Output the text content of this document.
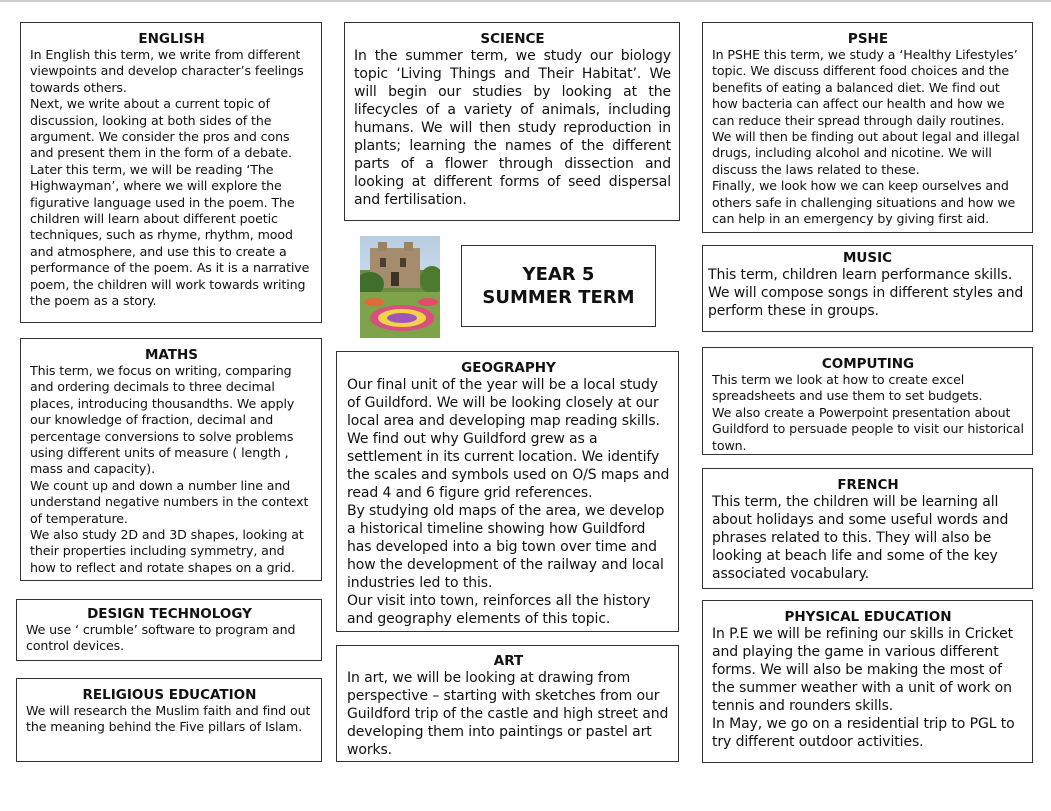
ENGLISH

In English this term, we write from different viewpoints and develop character’s feelings towards others.
Next, we write about a current topic of discussion, looking at both sides of the argument. We consider the pros and cons and present them in the form of a debate.
Later this term, we will be reading ‘The Highwayman’, where we will explore the figurative language used in the poem. The children will learn about different poetic techniques, such as rhyme, rhythm, mood and atmosphere, and use this to create a performance of the poem. As it is a narrative poem, the children will work towards writing the poem as a story.

SCIENCE

In the summer term, we study our biology topic ‘Living Things and Their Habitat’. We will begin our studies by looking at the lifecycles of a variety of animals, including humans. We will then study reproduction in plants; learning the names of the different parts of a flower through dissection and looking at different forms of seed dispersal and fertilisation.

PSHE

In PSHE this term, we study a ‘Healthy Lifestyles’ topic. We discuss different food choices and the benefits of eating a balanced diet. We find out how bacteria can affect our health and how we can reduce their spread through daily routines.
We will then be finding out about legal and illegal drugs, including alcohol and nicotine. We will discuss the laws related to these.
Finally, we look how we can keep ourselves and others safe in challenging situations and how we can help in an emergency by giving first aid.

YEAR 5
SUMMER TERM
MUSIC

This term, children learn performance skills. We will compose songs in different styles and perform these in groups.

MATHS

This term, we focus on writing, comparing and ordering decimals to three decimal places, introducing thousandths. We apply our knowledge of fraction, decimal and percentage conversions to solve problems using different units of measure ( length , mass and capacity).
We count up and down a number line and understand negative numbers in the context of temperature.
We also study 2D and 3D shapes, looking at their properties including symmetry, and how to reflect and rotate shapes on a grid.

GEOGRAPHY

Our final unit of the year will be a local study of Guildford. We will be looking closely at our local area and developing map reading skills. We find out why Guildford grew as a settlement in its current location. We identify the scales and symbols used on O/S maps and read 4 and 6 figure grid references.
By studying old maps of the area, we develop a historical timeline showing how Guildford has developed into a big town over time and how the development of the railway and local industries led to this.
Our visit into town, reinforces all the history and geography elements of this topic.

COMPUTING

This term we look at how to create excel spreadsheets and use them to set budgets.
We also create a Powerpoint presentation about Guildford to persuade people to visit our historical town.

FRENCH

This term, the children will be learning all about holidays and some useful words and phrases related to this. They will also be looking at beach life and some of the key associated vocabulary.

DESIGN TECHNOLOGY

We use ‘ crumble’ software to program and control devices.

ART

In art, we will be looking at drawing from perspective – starting with sketches from our Guildford trip of the castle and high street and developing them into paintings or pastel art works.

RELIGIOUS EDUCATION

We will research the Muslim faith and find out the meaning behind the Five pillars of Islam.

PHYSICAL EDUCATION

In P.E we will be refining our skills in Cricket and playing the game in various different forms. We will also be making the most of the summer weather with a unit of work on tennis and rounders skills.
In May, we go on a residential trip to PGL to try different outdoor activities.
